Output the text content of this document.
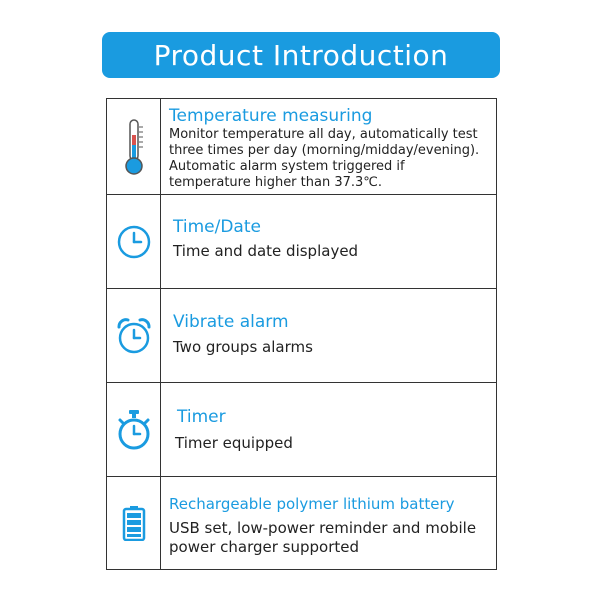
Product Introduction
Temperature measuring
Monitor temperature all day, automatically test three times per day (morning/midday/evening). Automatic alarm system triggered if temperature higher than 37.3℃.
Time/Date
Time and date displayed
Vibrate alarm
Two groups alarms
Timer
Timer equipped
Rechargeable polymer lithium battery
USB set, low-power reminder and mobile power charger supported
